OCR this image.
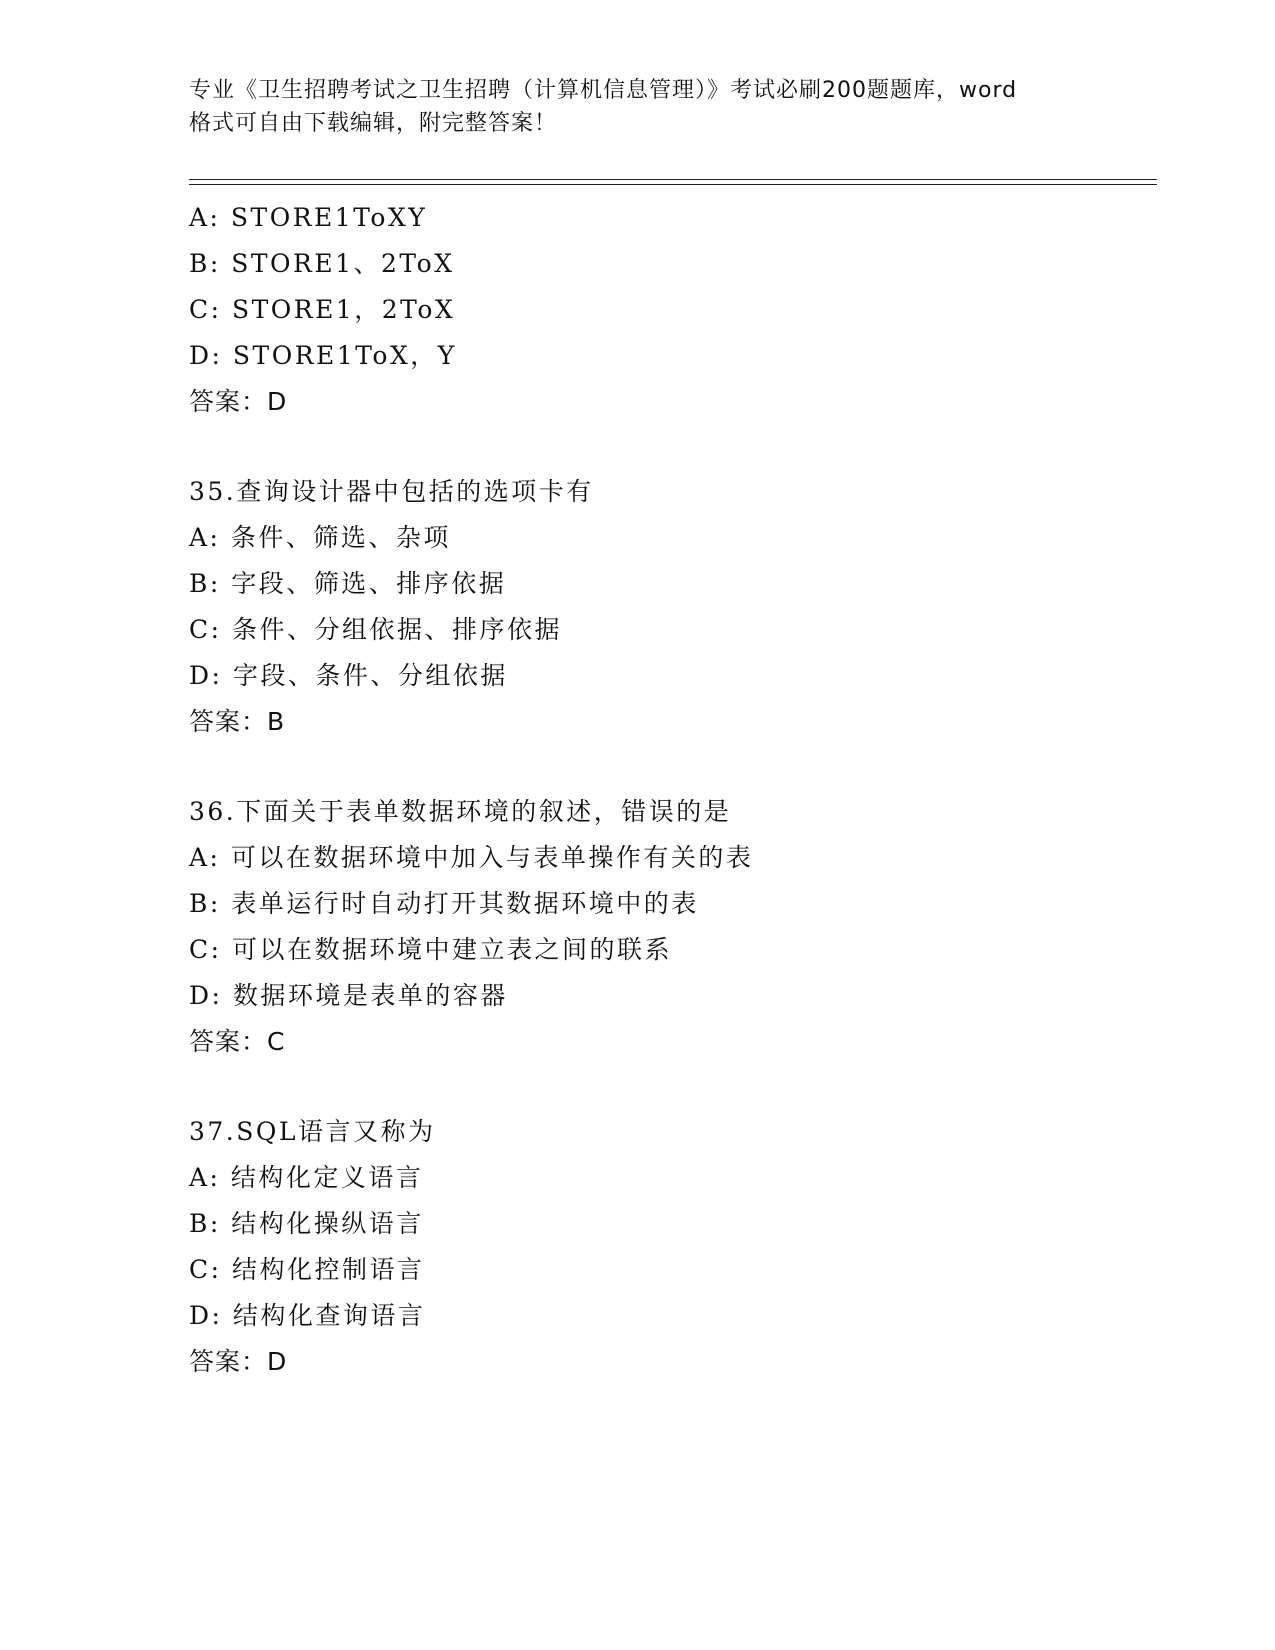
专业《卫生招聘考试之卫生招聘（计算机信息管理）》考试必刷200题题库，word
格式可自由下载编辑，附完整答案！
A: STORE1ToXY
B: STORE1、2ToX
C: STORE1，2ToX
D: STORE1ToX，Y
答案：D
35.查询设计器中包括的选项卡有
A: 条件、筛选、杂项
B: 字段、筛选、排序依据
C: 条件、分组依据、排序依据
D: 字段、条件、分组依据
答案：B
36.下面关于表单数据环境的叙述，错误的是
A: 可以在数据环境中加入与表单操作有关的表
B: 表单运行时自动打开其数据环境中的表
C: 可以在数据环境中建立表之间的联系
D: 数据环境是表单的容器
答案：C
37.SQL语言又称为
A: 结构化定义语言
B: 结构化操纵语言
C: 结构化控制语言
D: 结构化查询语言
答案：D
